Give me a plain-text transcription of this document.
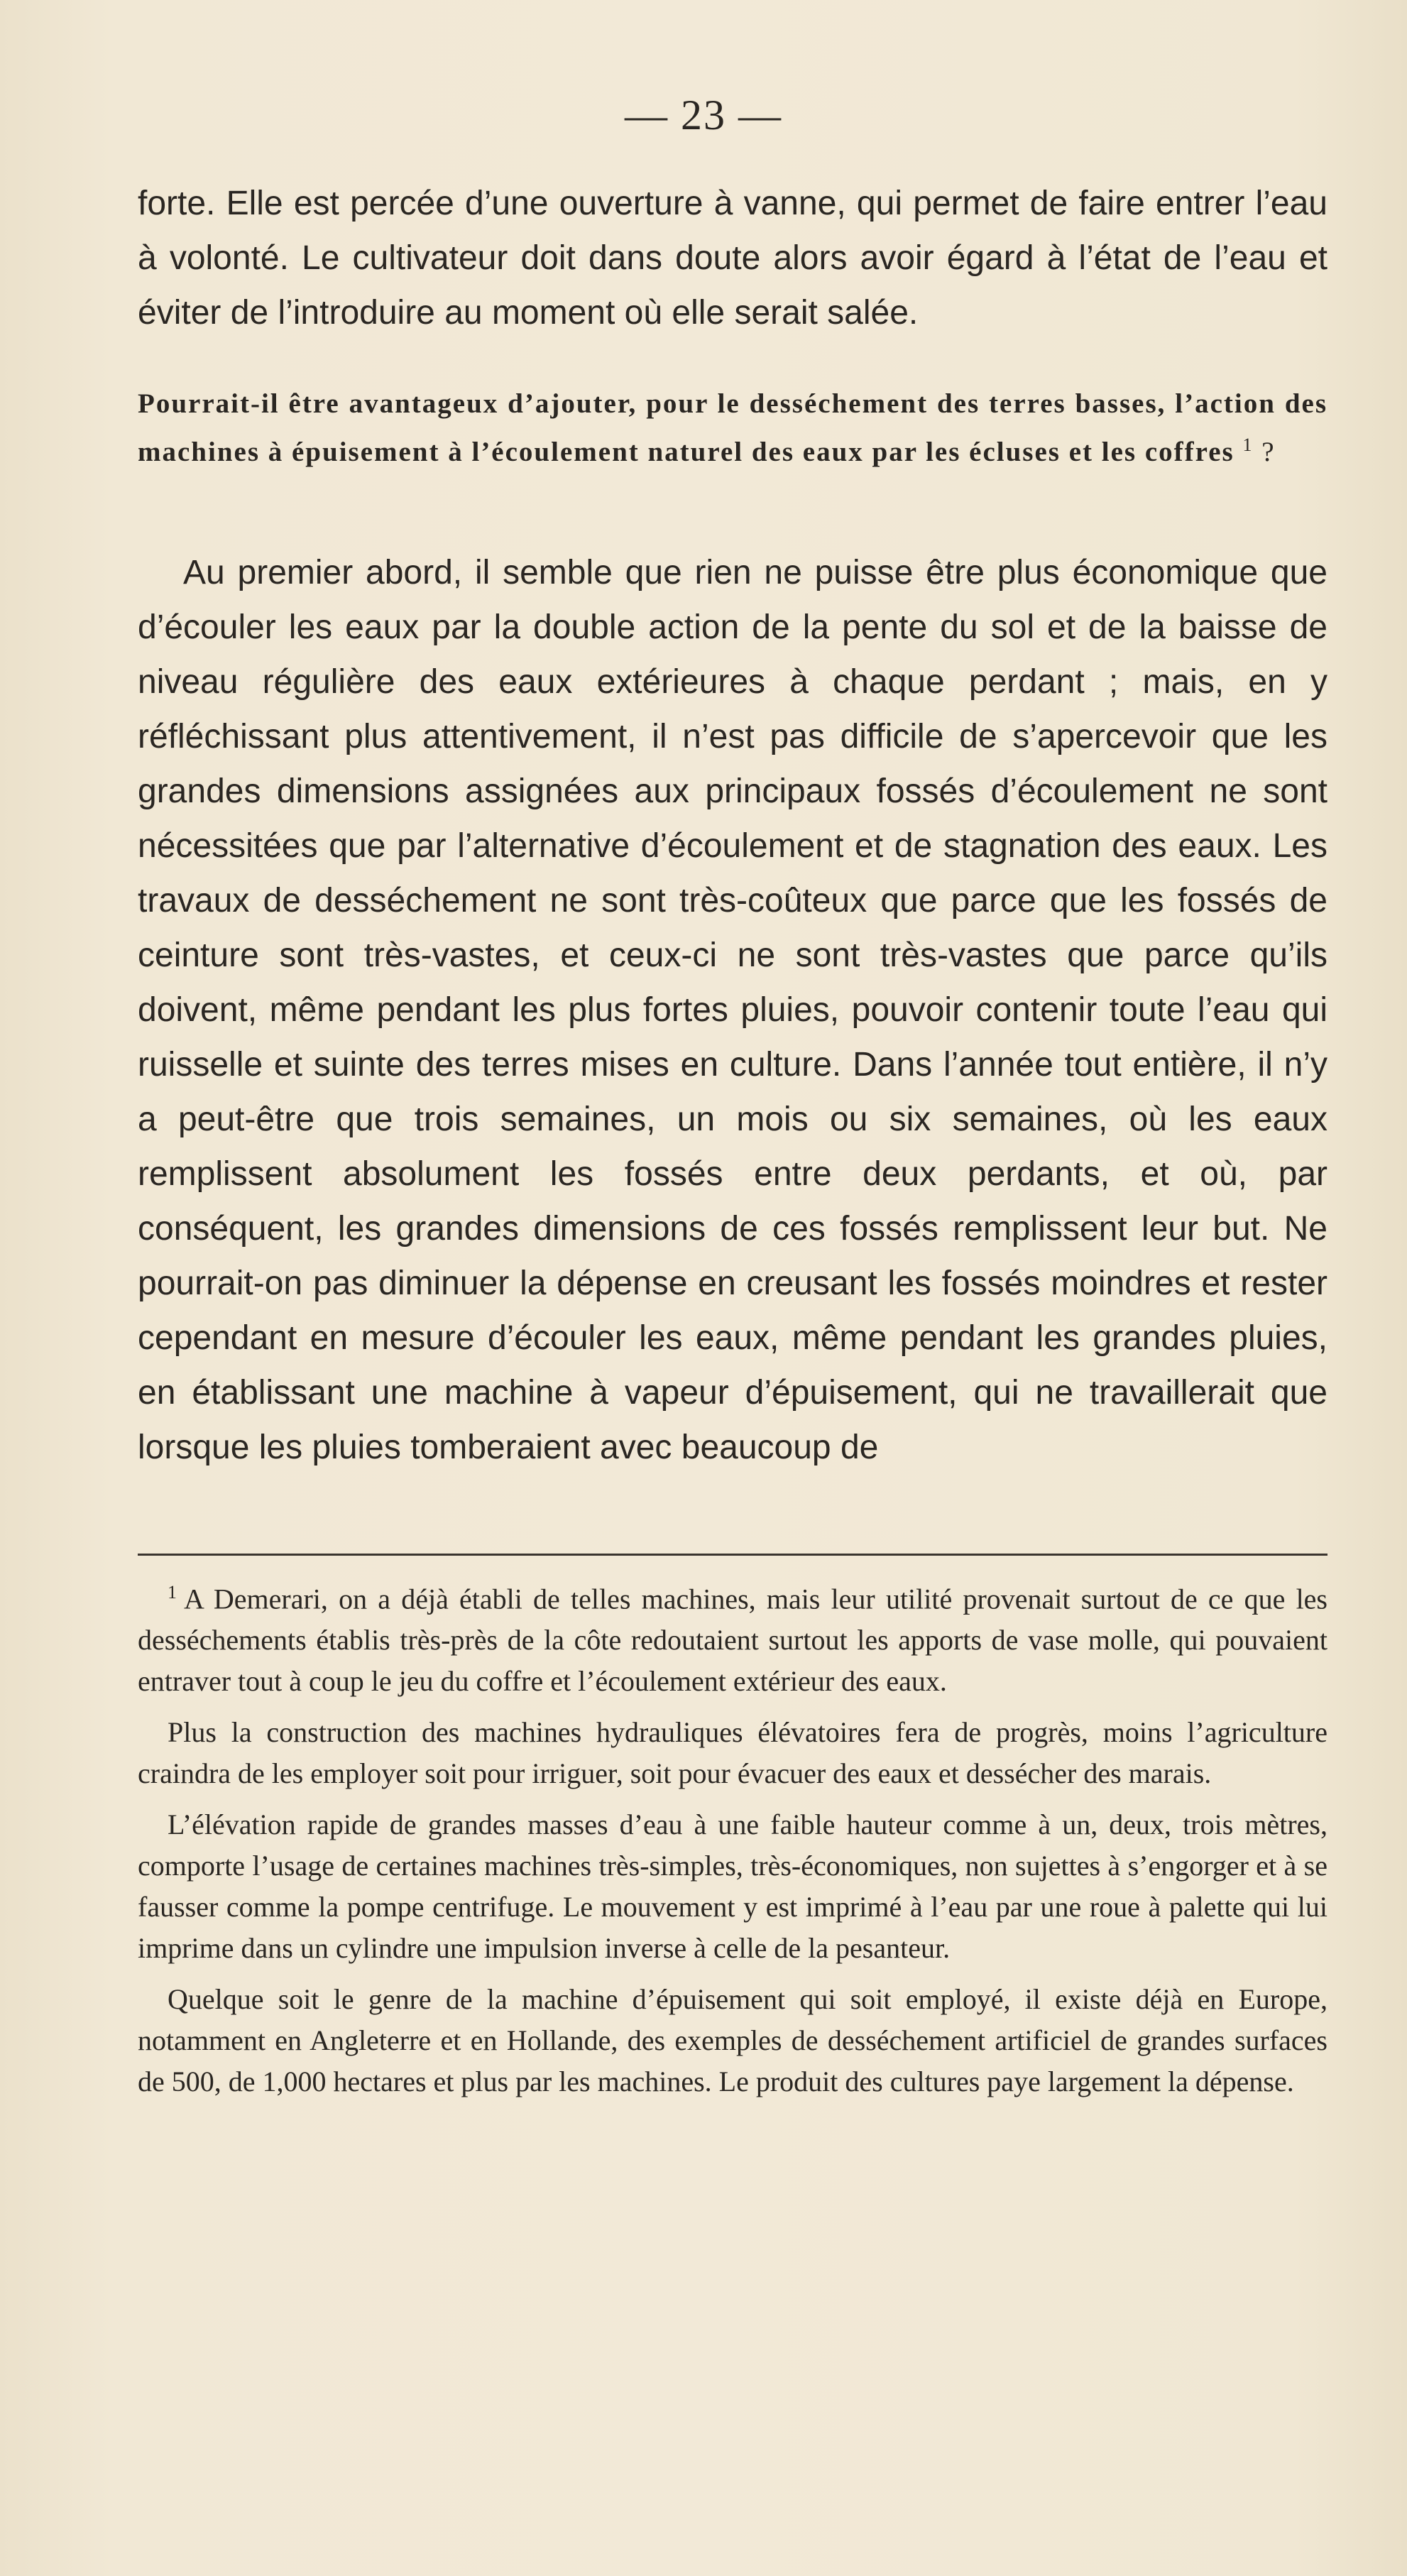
— 23 —

forte. Elle est percée d’une ouverture à vanne, qui permet de faire entrer l’eau à volonté. Le cultivateur doit dans doute alors avoir égard à l’état de l’eau et éviter de l’introduire au moment où elle serait salée.

Pourrait-il être avantageux d’ajouter, pour le desséchement des terres basses, l’action des machines à épuisement à l’écoulement naturel des eaux par les écluses et les coffres $^1$ ?

Au premier abord, il semble que rien ne puisse être plus économique que d’écouler les eaux par la double action de la pente du sol et de la baisse de niveau régulière des eaux extérieures à chaque perdant ; mais, en y réfléchissant plus attentivement, il n’est pas difficile de s’apercevoir que les grandes dimensions assignées aux principaux fossés d’écoulement ne sont nécessitées que par l’alternative d’écoulement et de stagnation des eaux. Les travaux de desséchement ne sont très-coûteux que parce que les fossés de ceinture sont très-vastes, et ceux-ci ne sont très-vastes que parce qu’ils doivent, même pendant les plus fortes pluies, pouvoir contenir toute l’eau qui ruisselle et suinte des terres mises en culture. Dans l’année tout entière, il n’y a peut-être que trois semaines, un mois ou six semaines, où les eaux remplissent absolument les fossés entre deux perdants, et où, par conséquent, les grandes dimensions de ces fossés remplissent leur but. Ne pourrait-on pas diminuer la dépense en creusant les fossés moindres et rester cependant en mesure d’écouler les eaux, même pendant les grandes pluies, en établissant une machine à vapeur d’épuisement, qui ne travaillerait que lorsque les pluies tomberaient avec beaucoup de

$^1$ A Demerari, on a déjà établi de telles machines, mais leur utilité provenait surtout de ce que les desséchements établis très-près de la côte redoutaient surtout les apports de vase molle, qui pouvaient entraver tout à coup le jeu du coffre et l’écoulement extérieur des eaux.

Plus la construction des machines hydrauliques élévatoires fera de progrès, moins l’agriculture craindra de les employer soit pour irriguer, soit pour évacuer des eaux et dessécher des marais.

L’élévation rapide de grandes masses d’eau à une faible hauteur comme à un, deux, trois mètres, comporte l’usage de certaines machines très-simples, très-économiques, non sujettes à s’engorger et à se fausser comme la pompe centrifuge. Le mouvement y est imprimé à l’eau par une roue à palette qui lui imprime dans un cylindre une impulsion inverse à celle de la pesanteur.

Quelque soit le genre de la machine d’épuisement qui soit employé, il existe déjà en Europe, notamment en Angleterre et en Hollande, des exemples de desséchement artificiel de grandes surfaces de 500, de 1,000 hectares et plus par les machines. Le produit des cultures paye largement la dépense.
